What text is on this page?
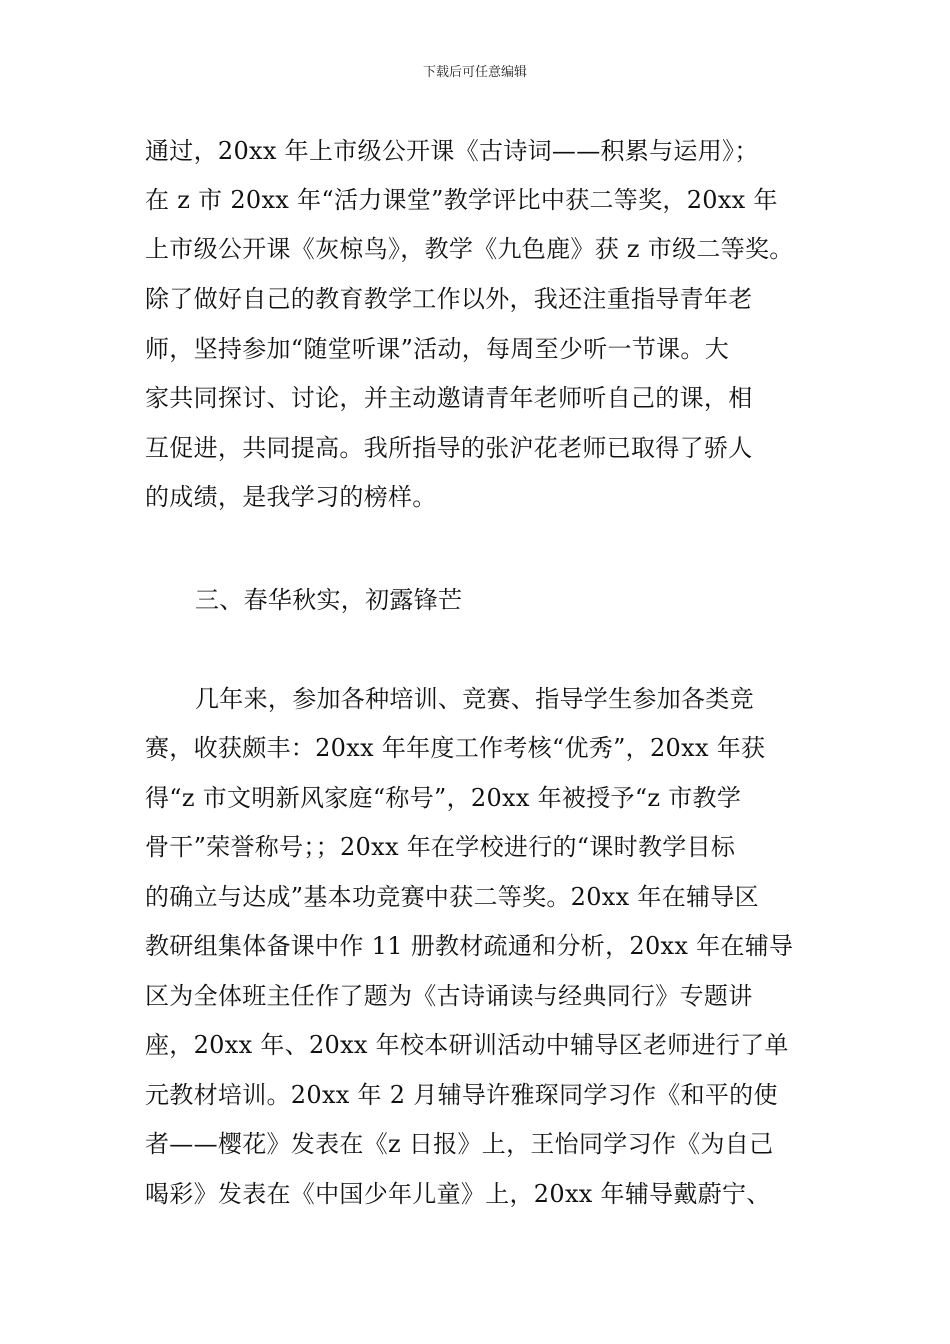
下载后可任意编辑
通过，20xx 年上市级公开课《古诗词——积累与运用》；
在 z 市 20xx 年“活力课堂”教学评比中获二等奖，20xx 年
上市级公开课《灰椋鸟》，教学《九色鹿》获 z 市级二等奖。
除了做好自己的教育教学工作以外，我还注重指导青年老
师，坚持参加“随堂听课”活动，每周至少听一节课。大
家共同探讨、讨论，并主动邀请青年老师听自己的课，相
互促进，共同提高。我所指导的张沪花老师已取得了骄人
的成绩，是我学习的榜样。
三、春华秋实，初露锋芒
几年来，参加各种培训、竞赛、指导学生参加各类竞
赛，收获颇丰：20xx 年年度工作考核“优秀”，20xx 年获
得“z 市文明新风家庭“称号”，20xx 年被授予“z 市教学
骨干”荣誉称号；；20xx 年在学校进行的“课时教学目标
的确立与达成”基本功竞赛中获二等奖。20xx 年在辅导区
教研组集体备课中作 11 册教材疏通和分析，20xx 年在辅导
区为全体班主任作了题为《古诗诵读与经典同行》专题讲
座，20xx 年、20xx 年校本研训活动中辅导区老师进行了单
元教材培训。20xx 年 2 月辅导许雅琛同学习作《和平的使
者——樱花》发表在《z 日报》上，王怡同学习作《为自己
喝彩》发表在《中国少年儿童》上，20xx 年辅导戴蔚宁、
